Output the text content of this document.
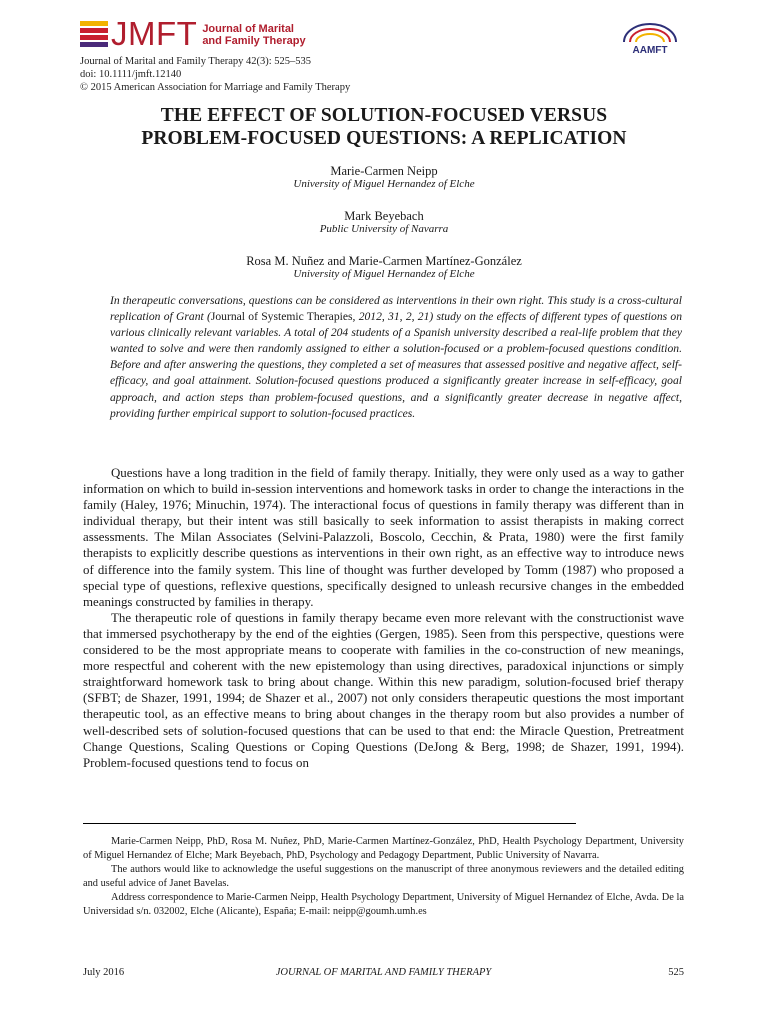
JMFT Journal of Marital
and Family Therapy
Journal of Marital and Family Therapy 42(3): 525–535
doi: 10.1111/jmft.12140
© 2015 American Association for Marriage and Family Therapy
AAMFT
THE EFFECT OF SOLUTION-FOCUSED VERSUS
PROBLEM-FOCUSED QUESTIONS: A REPLICATION
Marie-Carmen Neipp
University of Miguel Hernandez of Elche
Mark Beyebach
Public University of Navarra
Rosa M. Nuñez and Marie-Carmen Martínez-González
University of Miguel Hernandez of Elche

In therapeutic conversations, questions can be considered as interventions in their own right. This study is a cross-cultural replication of Grant (Journal of Systemic Therapies, 2012, 31, 2, 21) study on the effects of different types of questions on various clinically relevant variables. A total of 204 students of a Spanish university described a real-life problem that they wanted to solve and were then randomly assigned to either a solution-focused or a problem-focused questions condition. Before and after answering the questions, they completed a set of measures that assessed positive and negative affect, self-efficacy, and goal attainment. Solution-focused questions produced a significantly greater increase in self-efficacy, goal approach, and action steps than problem-focused questions, and a significantly greater decrease in negative affect, providing further empirical support to solution-focused practices.

Questions have a long tradition in the field of family therapy. Initially, they were only used as a way to gather information on which to build in-session interventions and homework tasks in order to change the interactions in the family (Haley, 1976; Minuchin, 1974). The interactional focus of questions in family therapy was different than in individual therapy, but their intent was still basically to seek information to assist therapists in making correct assessments. The Milan Associates (Selvini-Palazzoli, Boscolo, Cecchin, & Prata, 1980) were the first family therapists to explicitly describe questions as interventions in their own right, as an effective way to introduce news of difference into the family system. This line of thought was further developed by Tomm (1987) who proposed a special type of questions, reflexive questions, specifically designed to unleash recursive changes in the embedded meanings constructed by families in therapy.

The therapeutic role of questions in family therapy became even more relevant with the constructionist wave that immersed psychotherapy by the end of the eighties (Gergen, 1985). Seen from this perspective, questions were considered to be the most appropriate means to cooperate with families in the co-construction of new meanings, more respectful and coherent with the new epistemology than using directives, paradoxical injunctions or simply straightforward homework task to bring about change. Within this new paradigm, solution-focused brief therapy (SFBT; de Shazer, 1991, 1994; de Shazer et al., 2007) not only considers therapeutic questions the most important therapeutic tool, as an effective means to bring about changes in the therapy room but also provides a number of well-described sets of solution-focused questions that can be used to that end: the Miracle Question, Pretreatment Change Questions, Scaling Questions or Coping Questions (DeJong & Berg, 1998; de Shazer, 1991, 1994). Problem-focused questions tend to focus on

Marie-Carmen Neipp, PhD, Rosa M. Nuñez, PhD, Marie-Carmen Martínez-González, PhD, Health Psychology Department, University of Miguel Hernandez of Elche; Mark Beyebach, PhD, Psychology and Pedagogy Department, Public University of Navarra.

The authors would like to acknowledge the useful suggestions on the manuscript of three anonymous reviewers and the detailed editing and useful advice of Janet Bavelas.

Address correspondence to Marie-Carmen Neipp, Health Psychology Department, University of Miguel Hernandez of Elche, Avda. De la Universidad s/n. 032002, Elche (Alicante), España; E-mail: neipp@goumh.umh.es

July 2016	JOURNAL OF MARITAL AND FAMILY THERAPY	525
